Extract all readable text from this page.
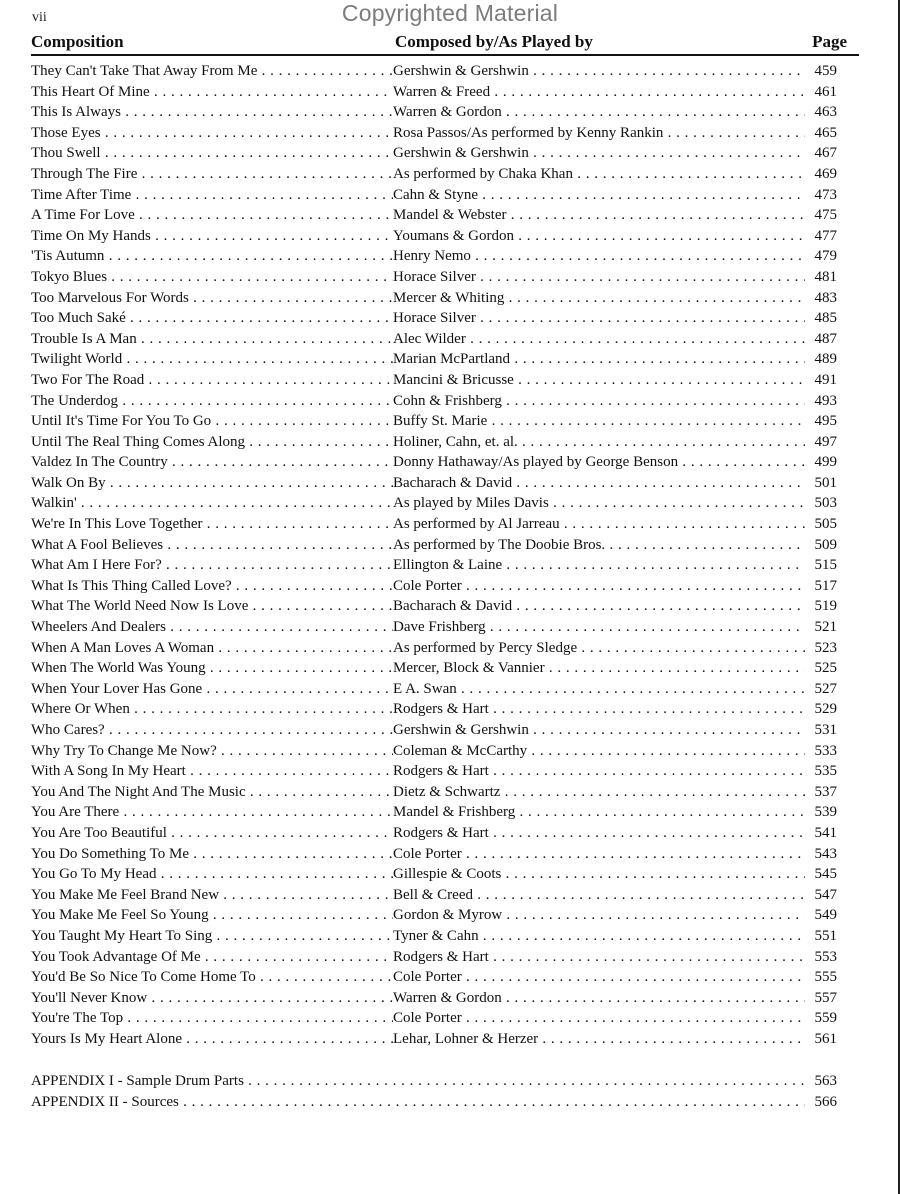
Copyrighted Material
vii
Composition	Composed by/As Played by	Page
They Can't Take That Away From Me . . .	Gershwin & Gershwin . . .	459
This Heart Of Mine . . .	Warren & Freed . . .	461
This Is Always . . .	Warren & Gordon . . .	463
Those Eyes . . .	Rosa Passos/As performed by Kenny Rankin . . .	465
Thou Swell . . .	Gershwin & Gershwin . . .	467
Through The Fire . . .	As performed by Chaka Khan . . .	469
Time After Time . . .	Cahn & Styne . . .	473
A Time For Love . . .	Mandel & Webster . . .	475
Time On My Hands . . .	Youmans & Gordon . . .	477
'Tis Autumn . . .	Henry Nemo . . .	479
Tokyo Blues . . .	Horace Silver . . .	481
Too Marvelous For Words . . .	Mercer & Whiting . . .	483
Too Much Saké . . .	Horace Silver . . .	485
Trouble Is A Man . . .	Alec Wilder . . .	487
Twilight World . . .	Marian McPartland . . .	489
Two For The Road . . .	Mancini & Bricusse . . .	491
The Underdog . . .	Cohn & Frishberg . . .	493
Until It's Time For You To Go . . .	Buffy St. Marie . . .	495
Until The Real Thing Comes Along . . .	Holiner, Cahn, et. al. . . .	497
Valdez In The Country . . .	Donny Hathaway/As played by George Benson . . .	499
Walk On By . . .	Bacharach & David . . .	501
Walkin' . . .	As played by Miles Davis . . .	503
We're In This Love Together . . .	As performed by Al Jarreau . . .	505
What A Fool Believes . . .	As performed by The Doobie Bros. . . .	509
What Am I Here For? . . .	Ellington & Laine . . .	515
What Is This Thing Called Love? . . .	Cole Porter . . .	517
What The World Need Now Is Love . . .	Bacharach & David . . .	519
Wheelers And Dealers . . .	Dave Frishberg . . .	521
When A Man Loves A Woman . . .	As performed by Percy Sledge . . .	523
When The World Was Young . . .	Mercer, Block & Vannier . . .	525
When Your Lover Has Gone . . .	E A. Swan . . .	527
Where Or When . . .	Rodgers & Hart . . .	529
Who Cares? . . .	Gershwin & Gershwin . . .	531
Why Try To Change Me Now? . . .	Coleman & McCarthy . . .	533
With A Song In My Heart . . .	Rodgers & Hart . . .	535
You And The Night And The Music . . .	Dietz & Schwartz . . .	537
You Are There . . .	Mandel & Frishberg . . .	539
You Are Too Beautiful . . .	Rodgers & Hart . . .	541
You Do Something To Me . . .	Cole Porter . . .	543
You Go To My Head . . .	Gillespie & Coots . . .	545
You Make Me Feel Brand New . . .	Bell & Creed . . .	547
You Make Me Feel So Young . . .	Gordon & Myrow . . .	549
You Taught My Heart To Sing . . .	Tyner & Cahn . . .	551
You Took Advantage Of Me . . .	Rodgers & Hart . . .	553
You'd Be So Nice To Come Home To . . .	Cole Porter . . .	555
You'll Never Know . . .	Warren & Gordon . . .	557
You're The Top . . .	Cole Porter . . .	559
Yours Is My Heart Alone . . .	Lehar, Lohner & Herzer . . .	561
APPENDIX I - Sample Drum Parts . . .	563
APPENDIX II - Sources . . .	566
